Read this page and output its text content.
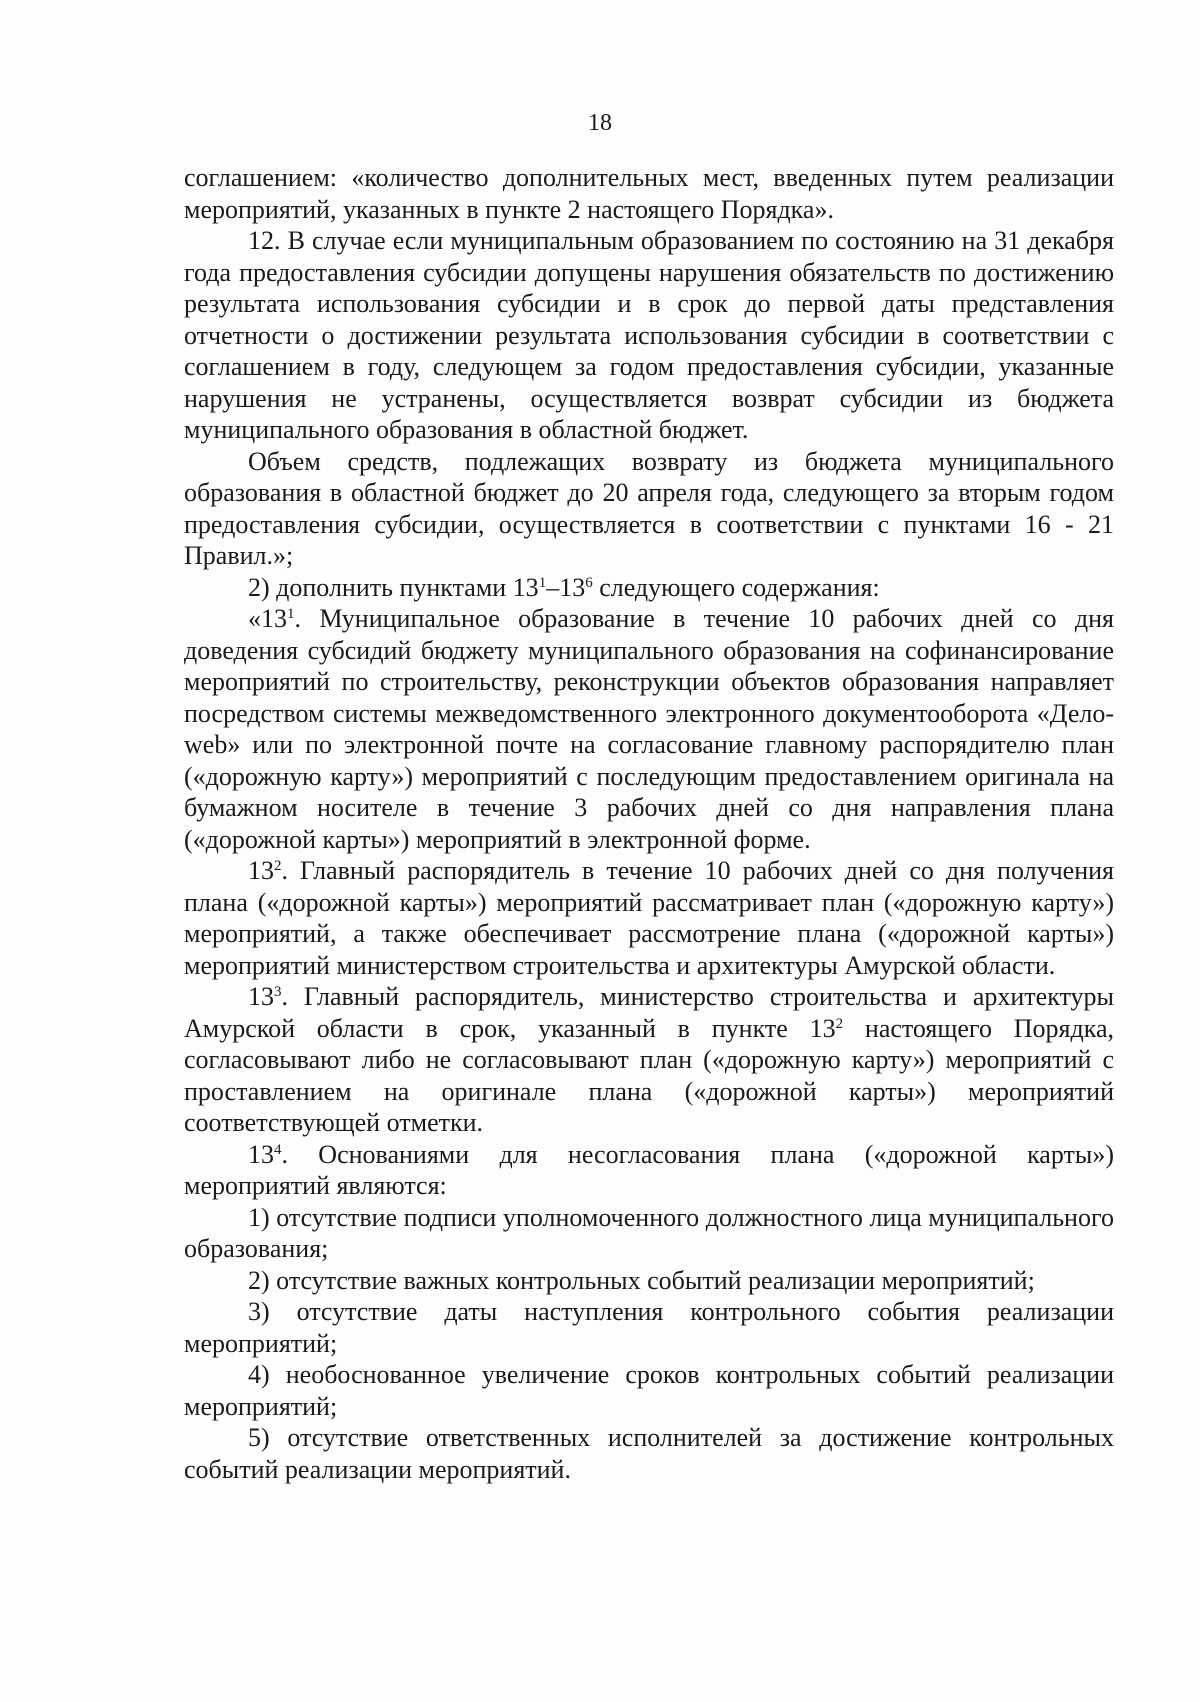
18

соглашением: «количество дополнительных мест, введенных путем реализации мероприятий, указанных в пункте 2 настоящего Порядка».

12. В случае если муниципальным образованием по состоянию на 31 декабря года предоставления субсидии допущены нарушения обязательств по достижению результата использования субсидии и в срок до первой даты представления отчетности о достижении результата использования субсидии в соответствии с соглашением в году, следующем за годом предоставления субсидии, указанные нарушения не устранены, осуществляется возврат субсидии из бюджета муниципального образования в областной бюджет.

Объем средств, подлежащих возврату из бюджета муниципального образования в областной бюджет до 20 апреля года, следующего за вторым годом предоставления субсидии, осуществляется в соответствии с пунктами 16 - 21 Правил.»;

2) дополнить пунктами $13^1-13^6$ следующего содержания:

«$13^1$. Муниципальное образование в течение 10 рабочих дней со дня доведения субсидий бюджету муниципального образования на софинансирование мероприятий по строительству, реконструкции объектов образования направляет посредством системы межведомственного электронного документооборота «Дело-web» или по электронной почте на согласование главному распорядителю план («дорожную карту») мероприятий с последующим предоставлением оригинала на бумажном носителе в течение 3 рабочих дней со дня направления плана («дорожной карты») мероприятий в электронной форме.

$13^2$. Главный распорядитель в течение 10 рабочих дней со дня получения плана («дорожной карты») мероприятий рассматривает план («дорожную карту») мероприятий, а также обеспечивает рассмотрение плана («дорожной карты») мероприятий министерством строительства и архитектуры Амурской области.

$13^3$. Главный распорядитель, министерство строительства и архитектуры Амурской области в срок, указанный в пункте $13^2$ настоящего Порядка, согласовывают либо не согласовывают план («дорожную карту») мероприятий с проставлением на оригинале плана («дорожной карты») мероприятий соответствующей отметки.

$13^4$. Основаниями для несогласования плана («дорожной карты») мероприятий являются:

1) отсутствие подписи уполномоченного должностного лица муниципального образования;

2) отсутствие важных контрольных событий реализации мероприятий;

3) отсутствие даты наступления контрольного события реализации мероприятий;

4) необоснованное увеличение сроков контрольных событий реализации мероприятий;

5) отсутствие ответственных исполнителей за достижение контрольных событий реализации мероприятий.
